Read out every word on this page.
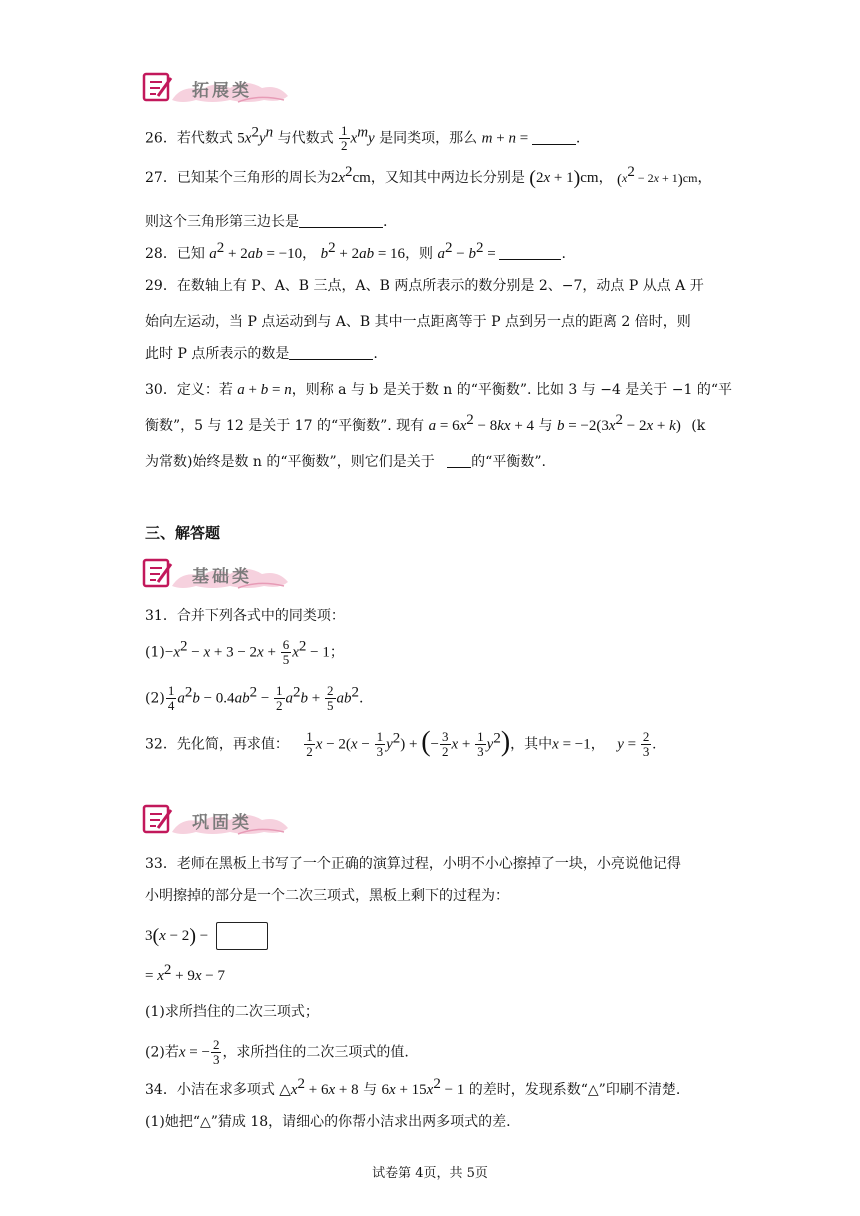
拓展类
26．若代数式 $5x^2y^n$ 与代数式 $\frac{1}{2} x^my$ 是同类项，那么 m + n =	.
27．已知某个三角形的周长为$2x^2cm$，又知其中两边长分别是 (2x + 1)cm， $(x^2 - 2x + 1)cm$，
则这个三角形第三边长是	.
28．已知 $a^2 + 2ab = -10$， $b^2 + 2ab = 16$，则 $a^2 - b^2$ =	.
29．在数轴上有 P、A、B 三点，A、B 两点所表示的数分别是 2、−7，动点 P 从点 A 开
始向左运动，当 P 点运动到与 A、B 其中一点距离等于 P 点到另一点的距离 2 倍时，则
此时 P 点所表示的数是	.
30．定义：若 a + b = n，则称 a 与 b 是关于数 n 的“平衡数”. 比如 3 与 −4 是关于 −1 的“平
衡数”，5 与 12 是关于 17 的“平衡数”. 现有 $a = 6x^2 - 8kx + 4$ 与 $b = -2(3x^2 - 2x + k)$ (k
为常数)始终是数 n 的“平衡数”，则它们是关于	的“平衡数”.
三、解答题
基础类
31．合并下列各式中的同类项：
$(1)-x^2 - x + 3 - 2x + \frac{6}{5} x^2 - 1$；
$(2) \frac{1}{4} a^2b - 0.4ab^2 - \frac{1}{2} a^2b + \frac{2}{5} ab^2$.
32．先化简，再求值： $\frac{1}{2}$ $x - 2(x - \frac{1}{3} y^2)$ + (− $\frac{3}{2}$ $x + \frac{1}{3} y^2$)，其中x = −1， $y = \frac{2}{3}$ .
巩固类
33．老师在黑板上书写了一个正确的演算过程，小明不小心擦掉了一块，小亮说他记得
小明擦掉的部分是一个二次三项式，黑板上剩下的过程为：
3(x − 2) −
= $x^2 + 9x - 7$
(1)求所挡住的二次三项式；
(2)若x = − $\frac{2}{3}$ ，求所挡住的二次三项式的值.
34．小洁在求多项式 $\triangle x^2 + 6x + 8$ 与 $6x + 15x^2 - 1$ 的差时，发现系数“△”印刷不清楚.
(1)她把“△”猜成 18，请细心的你帮小洁求出两多项式的差.
试卷第 4页，共 5页
